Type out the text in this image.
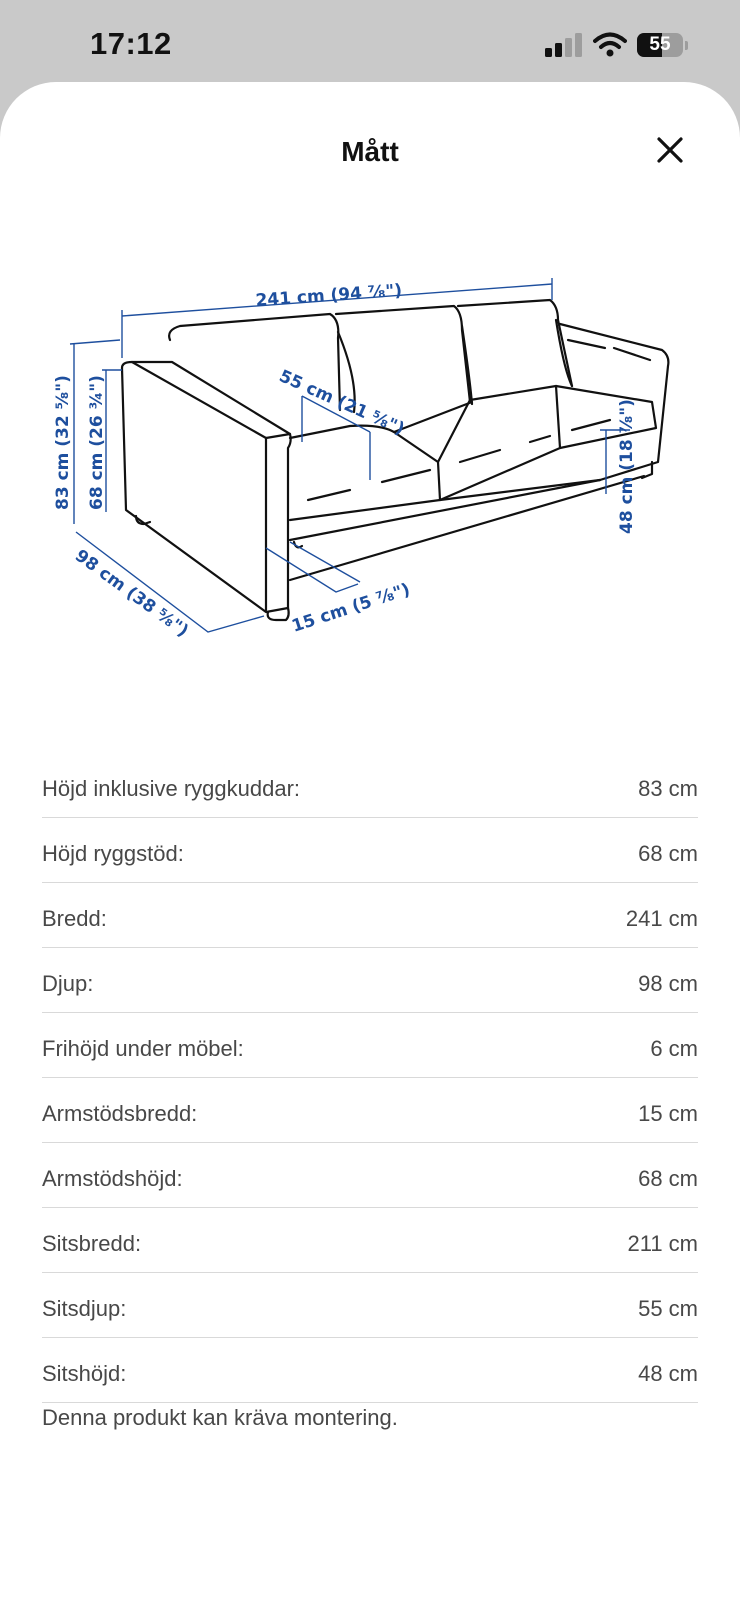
17:12	55
Mått
241 cm (94 ⅞")
83 cm (32 ⅝") 68 cm (26 ¾")
98 cm (38 ⅝")
55 cm (21 ⅝")
15 cm (5 ⅞")
48 cm (18 ⅞")
Höjd inklusive ryggkuddar:	83 cm
Höjd ryggstöd:	68 cm
Bredd:	241 cm
Djup:	98 cm
Frihöjd under möbel:	6 cm
Armstödsbredd:	15 cm
Armstödshöjd:	68 cm
Sitsbredd:	211 cm
Sitsdjup:	55 cm
Sitshöjd:	48 cm
Denna produkt kan kräva montering.
